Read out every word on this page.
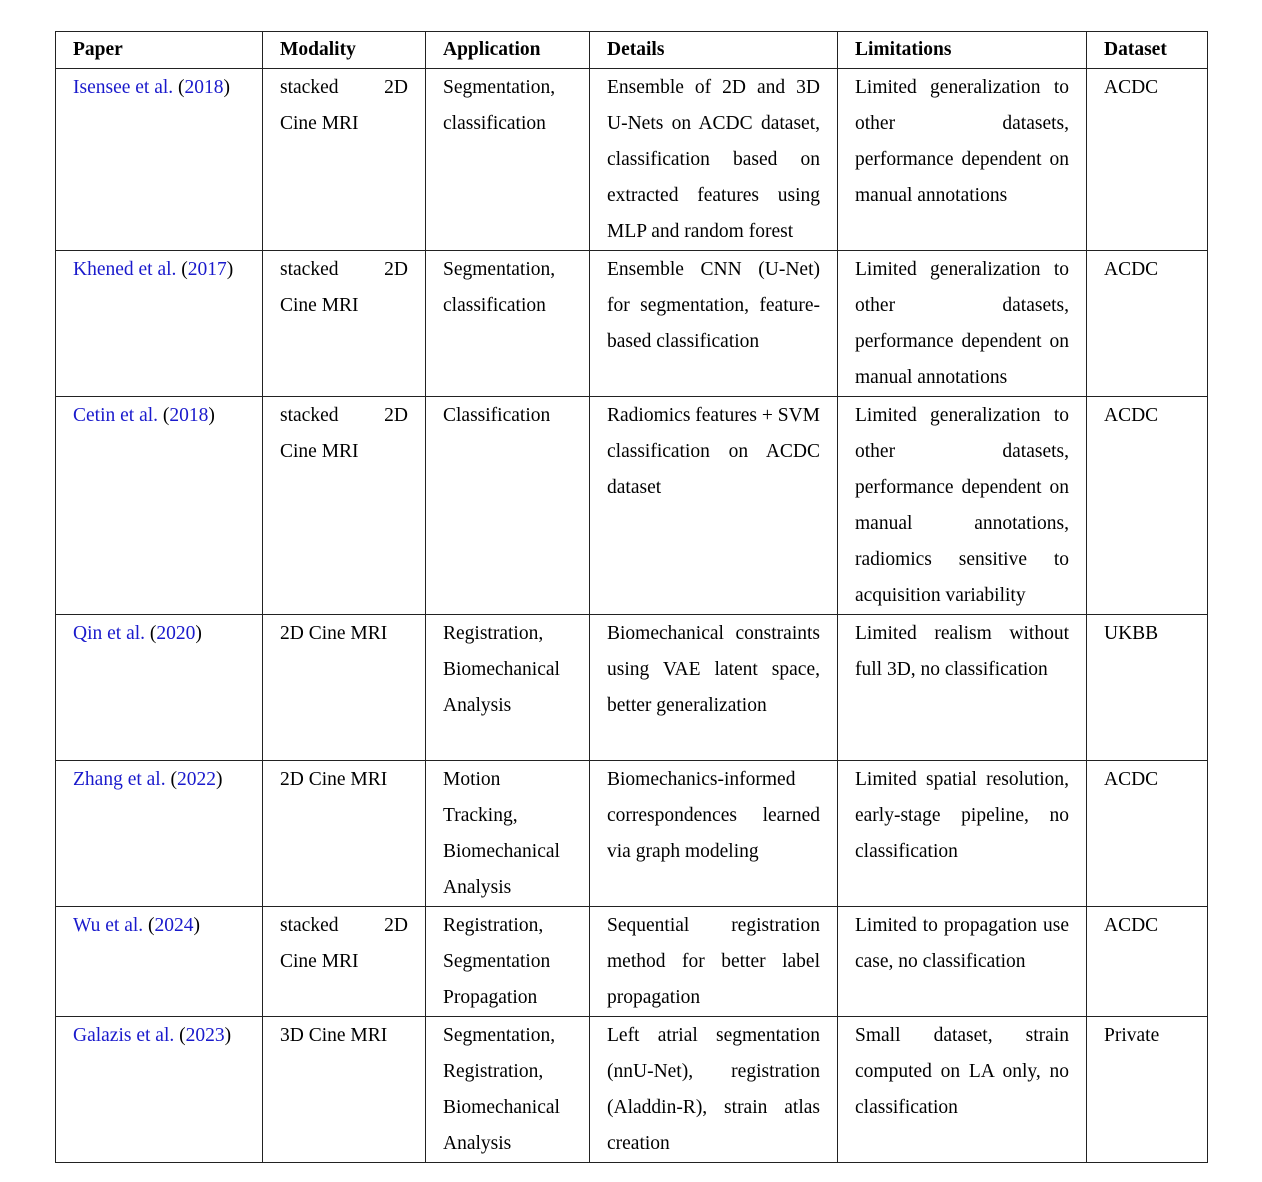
Paper	Modality	Application	Details	Limitations	Dataset
Isensee et al. (2018)	stacked 2D Cine MRI	Segmentation, classification	Ensemble of 2D and 3D U-Nets on ACDC dataset, classification based on extracted features using MLP and random forest	Limited generalization to other datasets, performance dependent on manual annotations	ACDC
Khened et al. (2017)	stacked 2D Cine MRI	Segmentation, classification	Ensemble CNN (U-Net) for segmentation, feature-based classification	Limited generalization to other datasets, performance dependent on manual annotations	ACDC
Cetin et al. (2018)	stacked 2D Cine MRI	Classification	Radiomics features + SVM classification on ACDC dataset	Limited generalization to other datasets, performance dependent on manual annotations, radiomics sensitive to acquisition variability	ACDC
Qin et al. (2020)	2D Cine MRI	Registration, Biomechanical Analysis	Biomechanical constraints using VAE latent space, better generalization	Limited realism without full 3D, no classification	UKBB
Zhang et al. (2022)	2D Cine MRI	Motion Tracking, Biomechanical Analysis	Biomechanics-informed correspondences learned via graph modeling	Limited spatial resolution, early-stage pipeline, no classification	ACDC
Wu et al. (2024)	stacked 2D Cine MRI	Registration, Segmentation Propagation	Sequential registration method for better label propagation	Limited to propagation use case, no classification	ACDC
Galazis et al. (2023)	3D Cine MRI	Segmentation, Registration, Biomechanical Analysis	Left atrial segmentation (nnU-Net), registration (Aladdin-R), strain atlas creation	Small dataset, strain computed on LA only, no classification	Private
